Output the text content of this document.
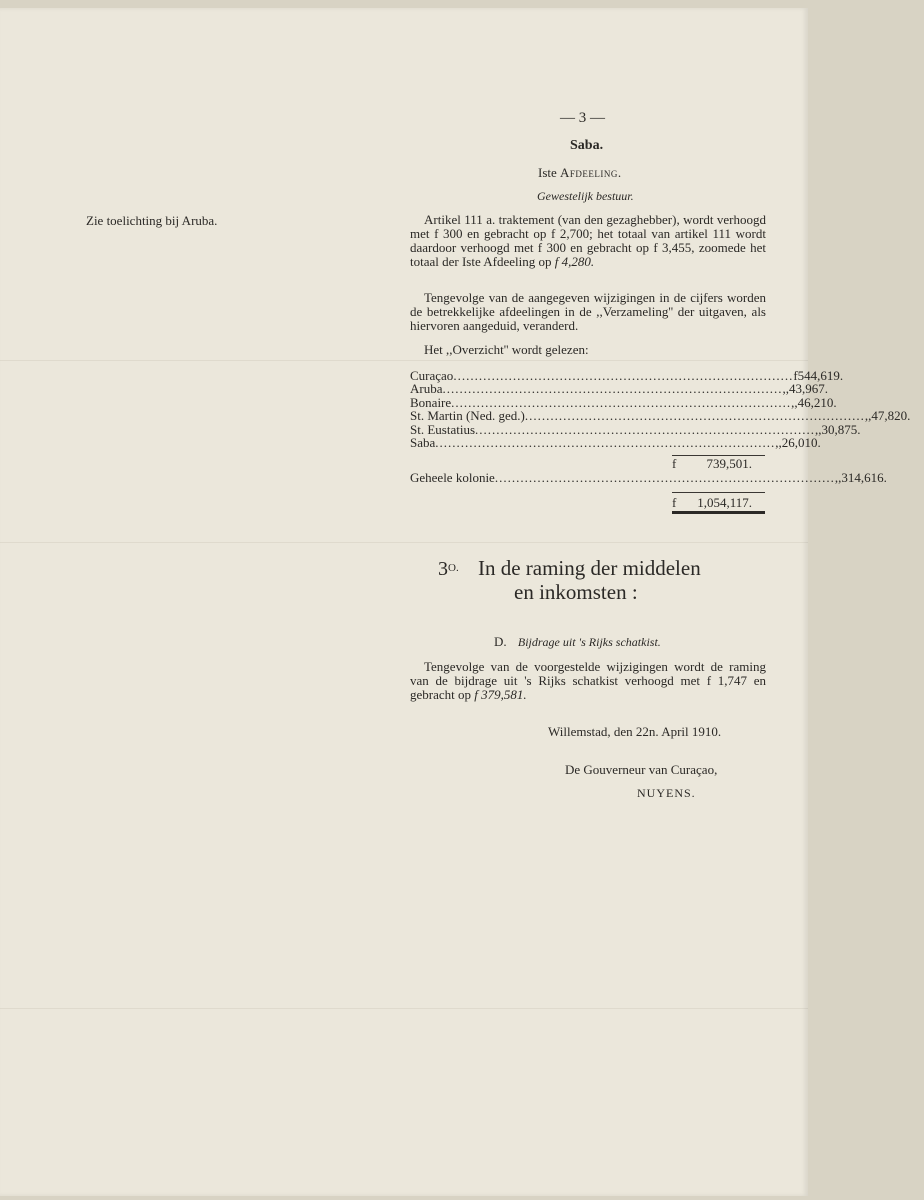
— 3 —
Saba.
Iste Afdeeling.
Gewestelijk bestuur.
Zie toelichting bij Aruba.	Artikel 111 a. traktement (van den gezaghebber), wordt verhoogd met f 300 en gebracht op f 2,700; het totaal van artikel 111 wordt daardoor verhoogd met f 300 en gebracht op f 3,455, zoomede het totaal der Iste Afdeeling op f 4,280.
Tengevolge van de aangegeven wijzigingen in de cijfers worden de betrekkelijke afdeelingen in de ,,Verzameling'' der uitgaven, als hiervoren aangeduid, veranderd.
Het ,,Overzicht'' wordt gelezen:
Curaçao ................................................................................ f 544,619.
Aruba ................................................................................ ,, 43,967.
Bonaire ................................................................................ ,, 46,210.
St. Martin (Ned. ged.) ................................................................................ ,, 47,820.
St. Eustatius ................................................................................ ,, 30,875.
Saba ................................................................................ ,, 26,010.
f	739,501.
Geheele kolonie ................................................................................ ,, 314,616.
f	1,054,117.
$3^{O.}$ In de raming der middelen
en inkomsten :
D. Bijdrage uit 's Rijks schatkist.
Tengevolge van de voorgestelde wijzigingen wordt de raming van de bijdrage uit 's Rijks schatkist verhoogd met f 1,747 en gebracht op f 379,581.
Willemstad, den 22n. April 1910.
De Gouverneur van Curaçao,
NUYENS.
